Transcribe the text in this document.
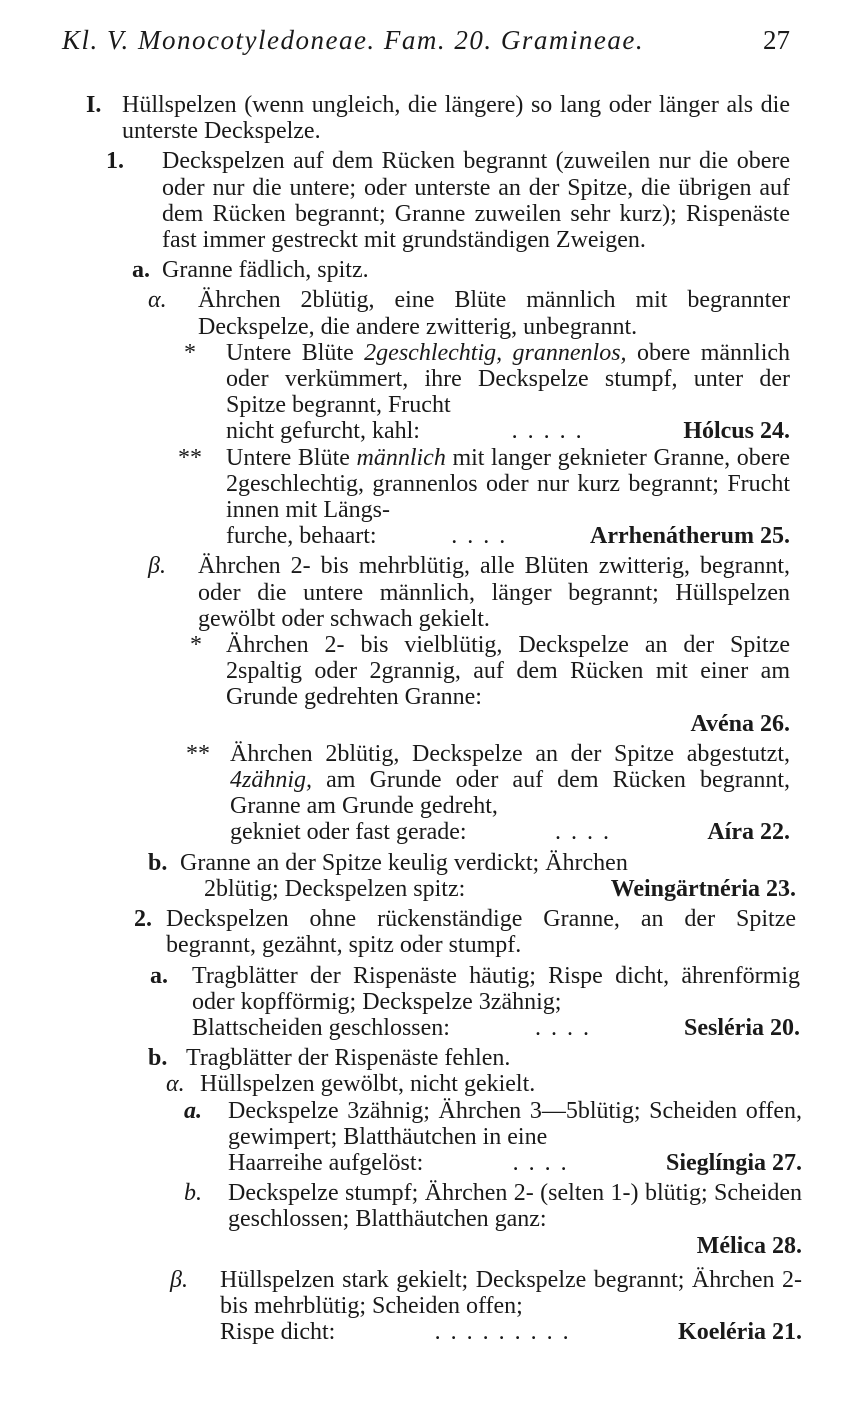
Kl. V. Monocotyledoneae. Fam. 20. Gramineae.	27
I. Hüllspelzen (wenn ungleich, die längere) so lang oder länger als die unterste Deckspelze.
1. Deckspelzen auf dem Rücken begrannt (zuweilen nur die obere oder nur die untere; oder unterste an der Spitze, die übrigen auf dem Rücken begrannt; Granne zuweilen sehr kurz); Rispenäste fast immer gestreckt mit grundständigen Zweigen.
a. Granne fädlich, spitz.
α. Ährchen 2blütig, eine Blüte männlich mit begrannter Deckspelze, die andere zwitterig, unbegrannt.
* Untere Blüte 2geschlechtig, grannenlos, obere männlich oder verkümmert, ihre Deckspelze stumpf, unter der Spitze begrannt, Frucht
nicht gefurcht, kahl:	.....	Hólcus 24.
** Untere Blüte männlich mit langer geknieter Granne, obere 2geschlechtig, grannenlos oder nur kurz begrannt; Frucht innen mit Längs-
furche, behaart:	....	Arrhenátherum 25.
β. Ährchen 2- bis mehrblütig, alle Blüten zwitterig, begrannt, oder die untere männlich, länger begrannt; Hüllspelzen gewölbt oder schwach gekielt.
* Ährchen 2- bis vielblütig, Deckspelze an der Spitze 2spaltig oder 2grannig, auf dem Rücken mit einer am Grunde gedrehten Granne:
Avéna 26.
** Ährchen 2blütig, Deckspelze an der Spitze abgestutzt, 4zähnig, am Grunde oder auf dem Rücken begrannt, Granne am Grunde gedreht,
gekniet oder fast gerade:	....	Aíra 22.
b. Granne an der Spitze keulig verdickt; Ährchen
2blütig; Deckspelzen spitz:	Weingärtnéria 23.
2. Deckspelzen ohne rückenständige Granne, an der Spitze begrannt, gezähnt, spitz oder stumpf.
a. Tragblätter der Rispenäste häutig; Rispe dicht, ährenförmig oder kopfförmig; Deckspelze 3zähnig;
Blattscheiden geschlossen:	....	Sesléria 20.
b. Tragblätter der Rispenäste fehlen.
α. Hüllspelzen gewölbt, nicht gekielt.
a. Deckspelze 3zähnig; Ährchen 3—5blütig; Scheiden offen, gewimpert; Blatthäutchen in eine
Haarreihe aufgelöst:	....	Sieglíngia 27.
b. Deckspelze stumpf; Ährchen 2- (selten 1-) blütig; Scheiden geschlossen; Blatthäutchen ganz:
Mélica 28.
β. Hüllspelzen stark gekielt; Deckspelze begrannt; Ährchen 2- bis mehrblütig; Scheiden offen;
Rispe dicht:	.........	Koeléria 21.
